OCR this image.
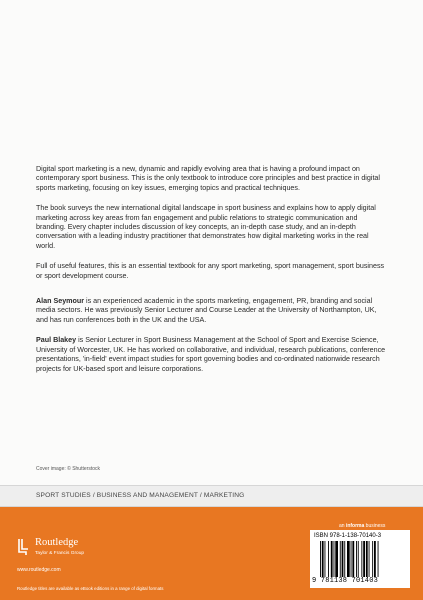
Digital sport marketing is a new, dynamic and rapidly evolving area that is having a profound impact on contemporary sport business. This is the only textbook to introduce core principles and best practice in digital sports marketing, focusing on key issues, emerging topics and practical techniques.

The book surveys the new international digital landscape in sport business and explains how to apply digital marketing across key areas from fan engagement and public relations to strategic communication and branding. Every chapter includes discussion of key concepts, an in-depth case study, and an in-depth conversation with a leading industry practitioner that demonstrates how digital marketing works in the real world.

Full of useful features, this is an essential textbook for any sport marketing, sport management, sport business or sport development course.

Alan Seymour is an experienced academic in the sports marketing, engagement, PR, branding and social media sectors. He was previously Senior Lecturer and Course Leader at the University of Northampton, UK, and has run conferences both in the UK and the USA.

Paul Blakey is Senior Lecturer in Sport Business Management at the School of Sport and Exercise Science, University of Worcester, UK. He has worked on collaborative, and individual, research publications, conference presentations, 'in-field' event impact studies for sport governing bodies and co-ordinated nationwide research projects for UK-based sport and leisure corporations.

Cover image: © Shutterstock
SPORT STUDIES / BUSINESS AND MANAGEMENT / MARKETING
Routledge
Taylor & Francis Group
www.routledge.com
Routledge titles are available as eBook editions in a range of digital formats
an informa business
ISBN 978-1-138-70140-3
9 781138 701403
